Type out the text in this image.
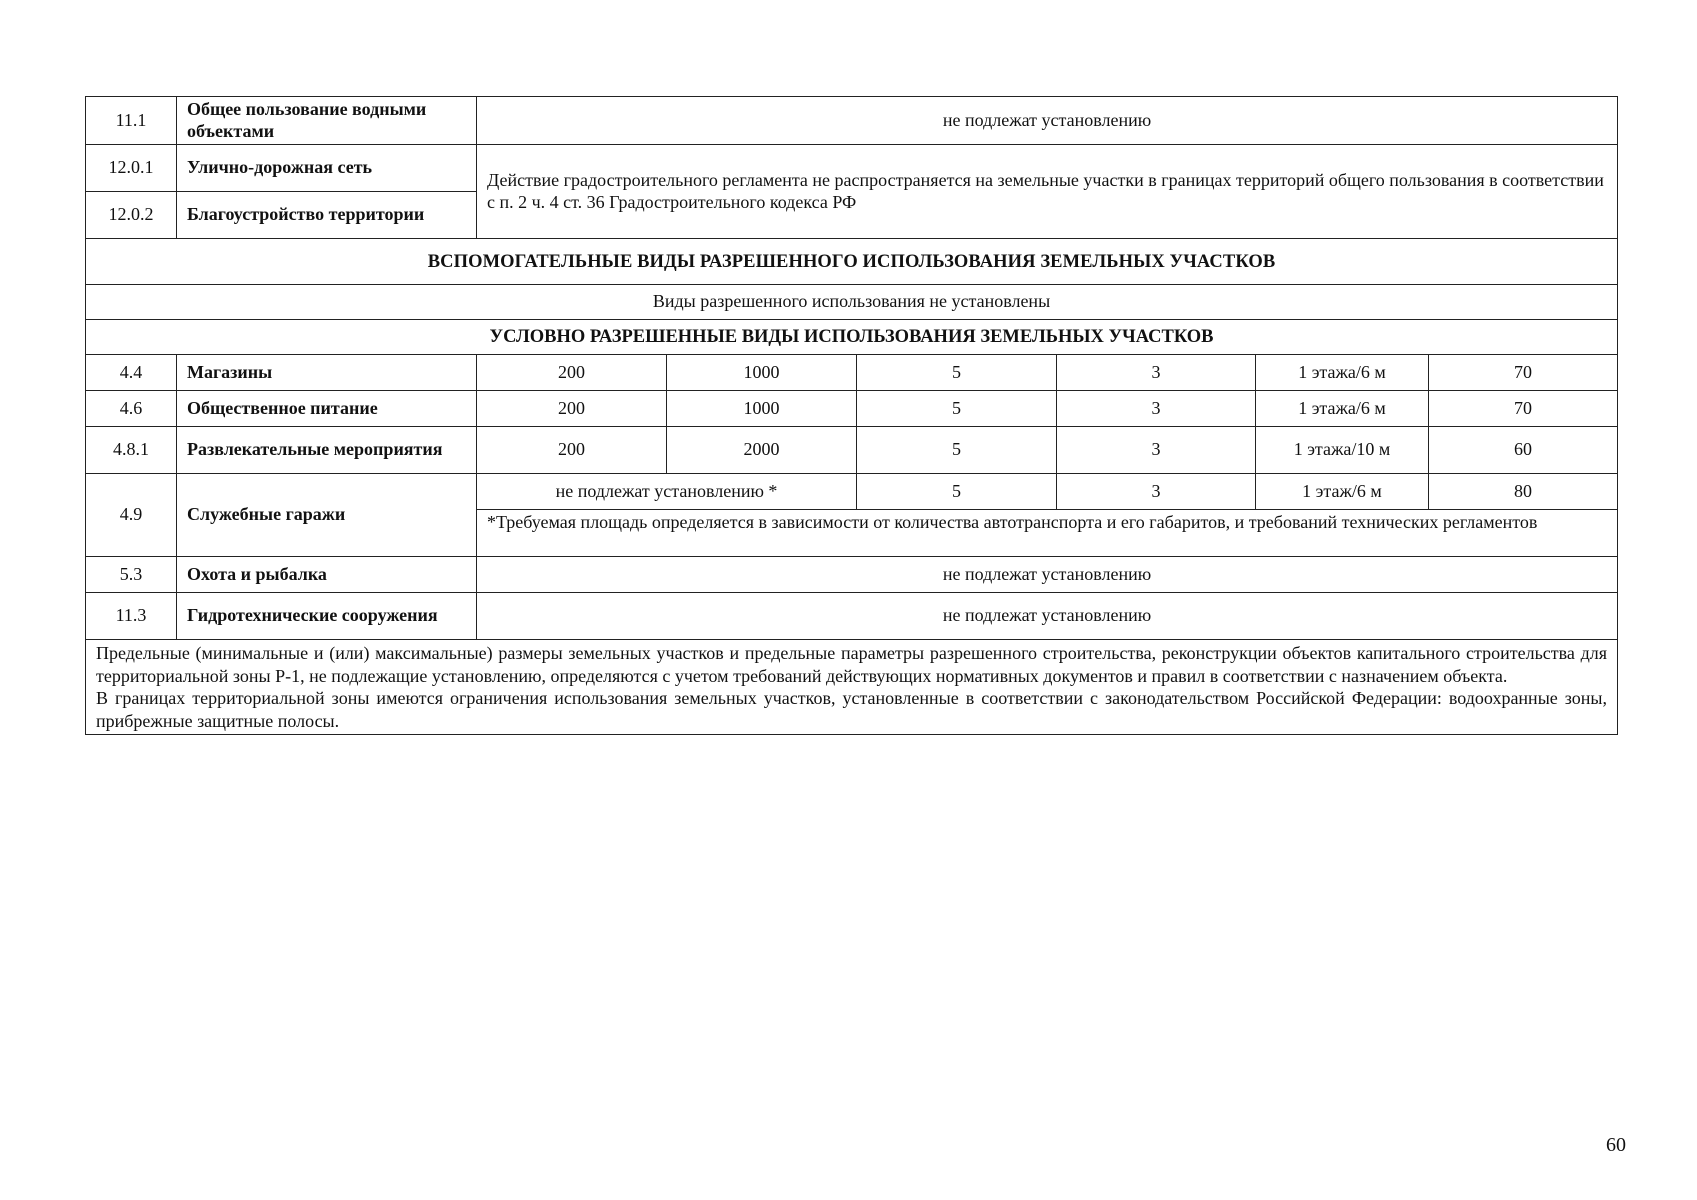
11.1	Общее пользование водными объектами	не подлежат установлению					
12.0.1	Улично-дорожная сеть	Действие градостроительного регламента не распространяется на земельные участки в границах территорий общего пользования в соответствии с п. 2 ч. 4 ст. 36 Градостроительного кодекса РФ					
12.0.2	Благоустройство территории						
ВСПОМОГАТЕЛЬНЫЕ ВИДЫ РАЗРЕШЕННОГО ИСПОЛЬЗОВАНИЯ ЗЕМЕЛЬНЫХ УЧАСТКОВ							
Виды разрешенного использования не установлены							
УСЛОВНО РАЗРЕШЕННЫЕ ВИДЫ ИСПОЛЬЗОВАНИЯ ЗЕМЕЛЬНЫХ УЧАСТКОВ							
4.4	Магазины	200	1000	5	3	1 этажа/6 м	70
4.6	Общественное питание	200	1000	5	3	1 этажа/6 м	70
4.8.1	Развлекательные мероприятия	200	2000	5	3	1 этажа/10 м	60
4.9	Служебные гаражи	не подлежат установлению *		5	3	1 этаж/6 м	80
		*Требуемая площадь определяется в зависимости от количества автотранспорта и его габаритов, и требований технических регламентов					
5.3	Охота и рыбалка	не подлежат установлению					
11.3	Гидротехнические сооружения	не подлежат установлению					

Предельные (минимальные и (или) максимальные) размеры земельных участков и предельные параметры разрешенного строительства, реконструкции объектов капитального строительства для территориальной зоны Р-1, не подлежащие установлению, определяются с учетом требований действующих нормативных документов и правил в соответствии с назначением объекта.

В границах территориальной зоны имеются ограничения использования земельных участков, установленные в соответствии с законодательством Российской Федерации: водоохранные зоны, прибрежные защитные полосы.							

60
